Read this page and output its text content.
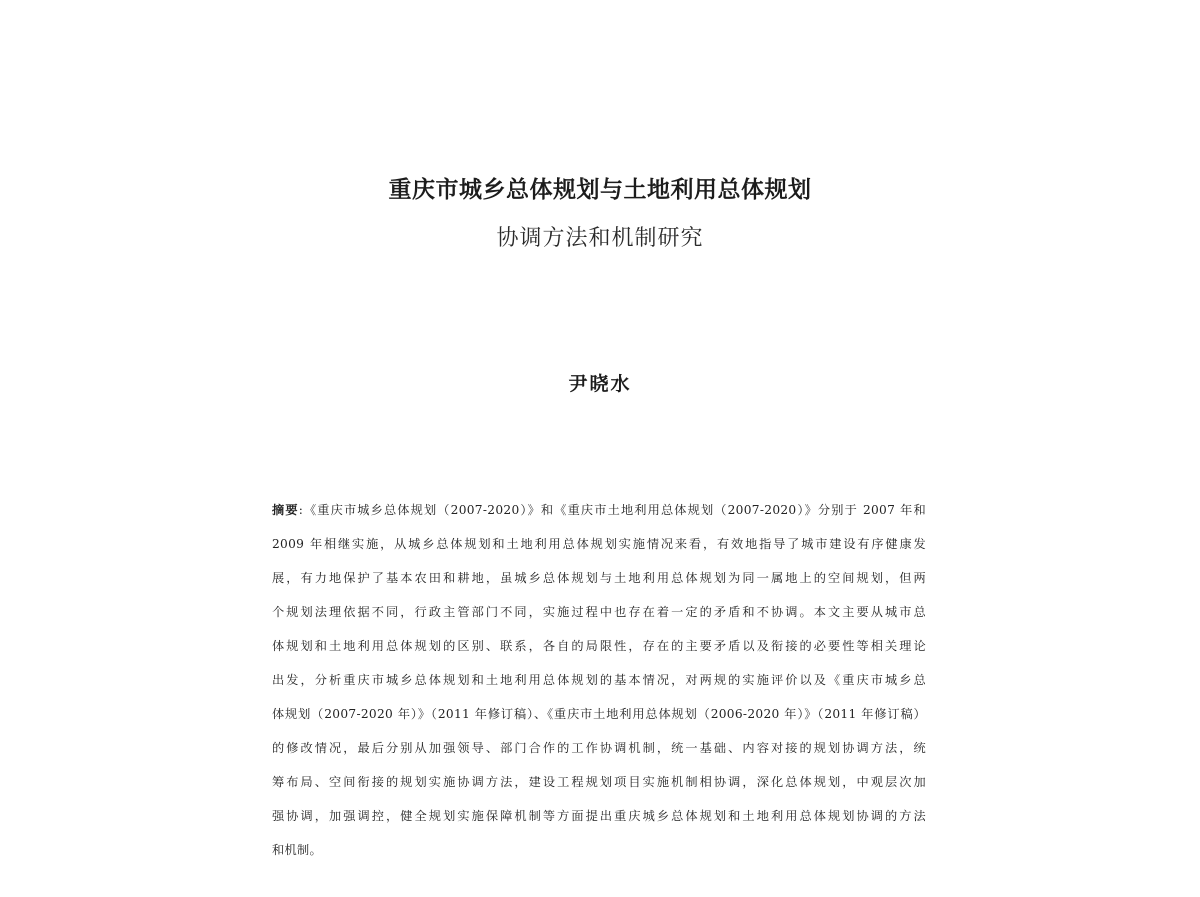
重庆市城乡总体规划与土地利用总体规划
协调方法和机制研究
尹晓水
摘要:《重庆市城乡总体规划（2007-2020）》和《重庆市土地利用总体规划（2007-2020）》分别于 2007 年和
2009 年相继实施，从城乡总体规划和土地利用总体规划实施情况来看，有效地指导了城市建设有序健康发
展，有力地保护了基本农田和耕地，虽城乡总体规划与土地利用总体规划为同一属地上的空间规划，但两
个规划法理依据不同，行政主管部门不同，实施过程中也存在着一定的矛盾和不协调。本文主要从城市总
体规划和土地利用总体规划的区别、联系，各自的局限性，存在的主要矛盾以及衔接的必要性等相关理论
出发，分析重庆市城乡总体规划和土地利用总体规划的基本情况，对两规的实施评价以及《重庆市城乡总
体规划（2007-2020 年）》（2011 年修订稿）、《重庆市土地利用总体规划（2006-2020 年）》（2011 年修订稿）
的修改情况，最后分别从加强领导、部门合作的工作协调机制，统一基础、内容对接的规划协调方法，统
筹布局、空间衔接的规划实施协调方法，建设工程规划项目实施机制相协调，深化总体规划，中观层次加
强协调，加强调控，健全规划实施保障机制等方面提出重庆城乡总体规划和土地利用总体规划协调的方法
和机制。
